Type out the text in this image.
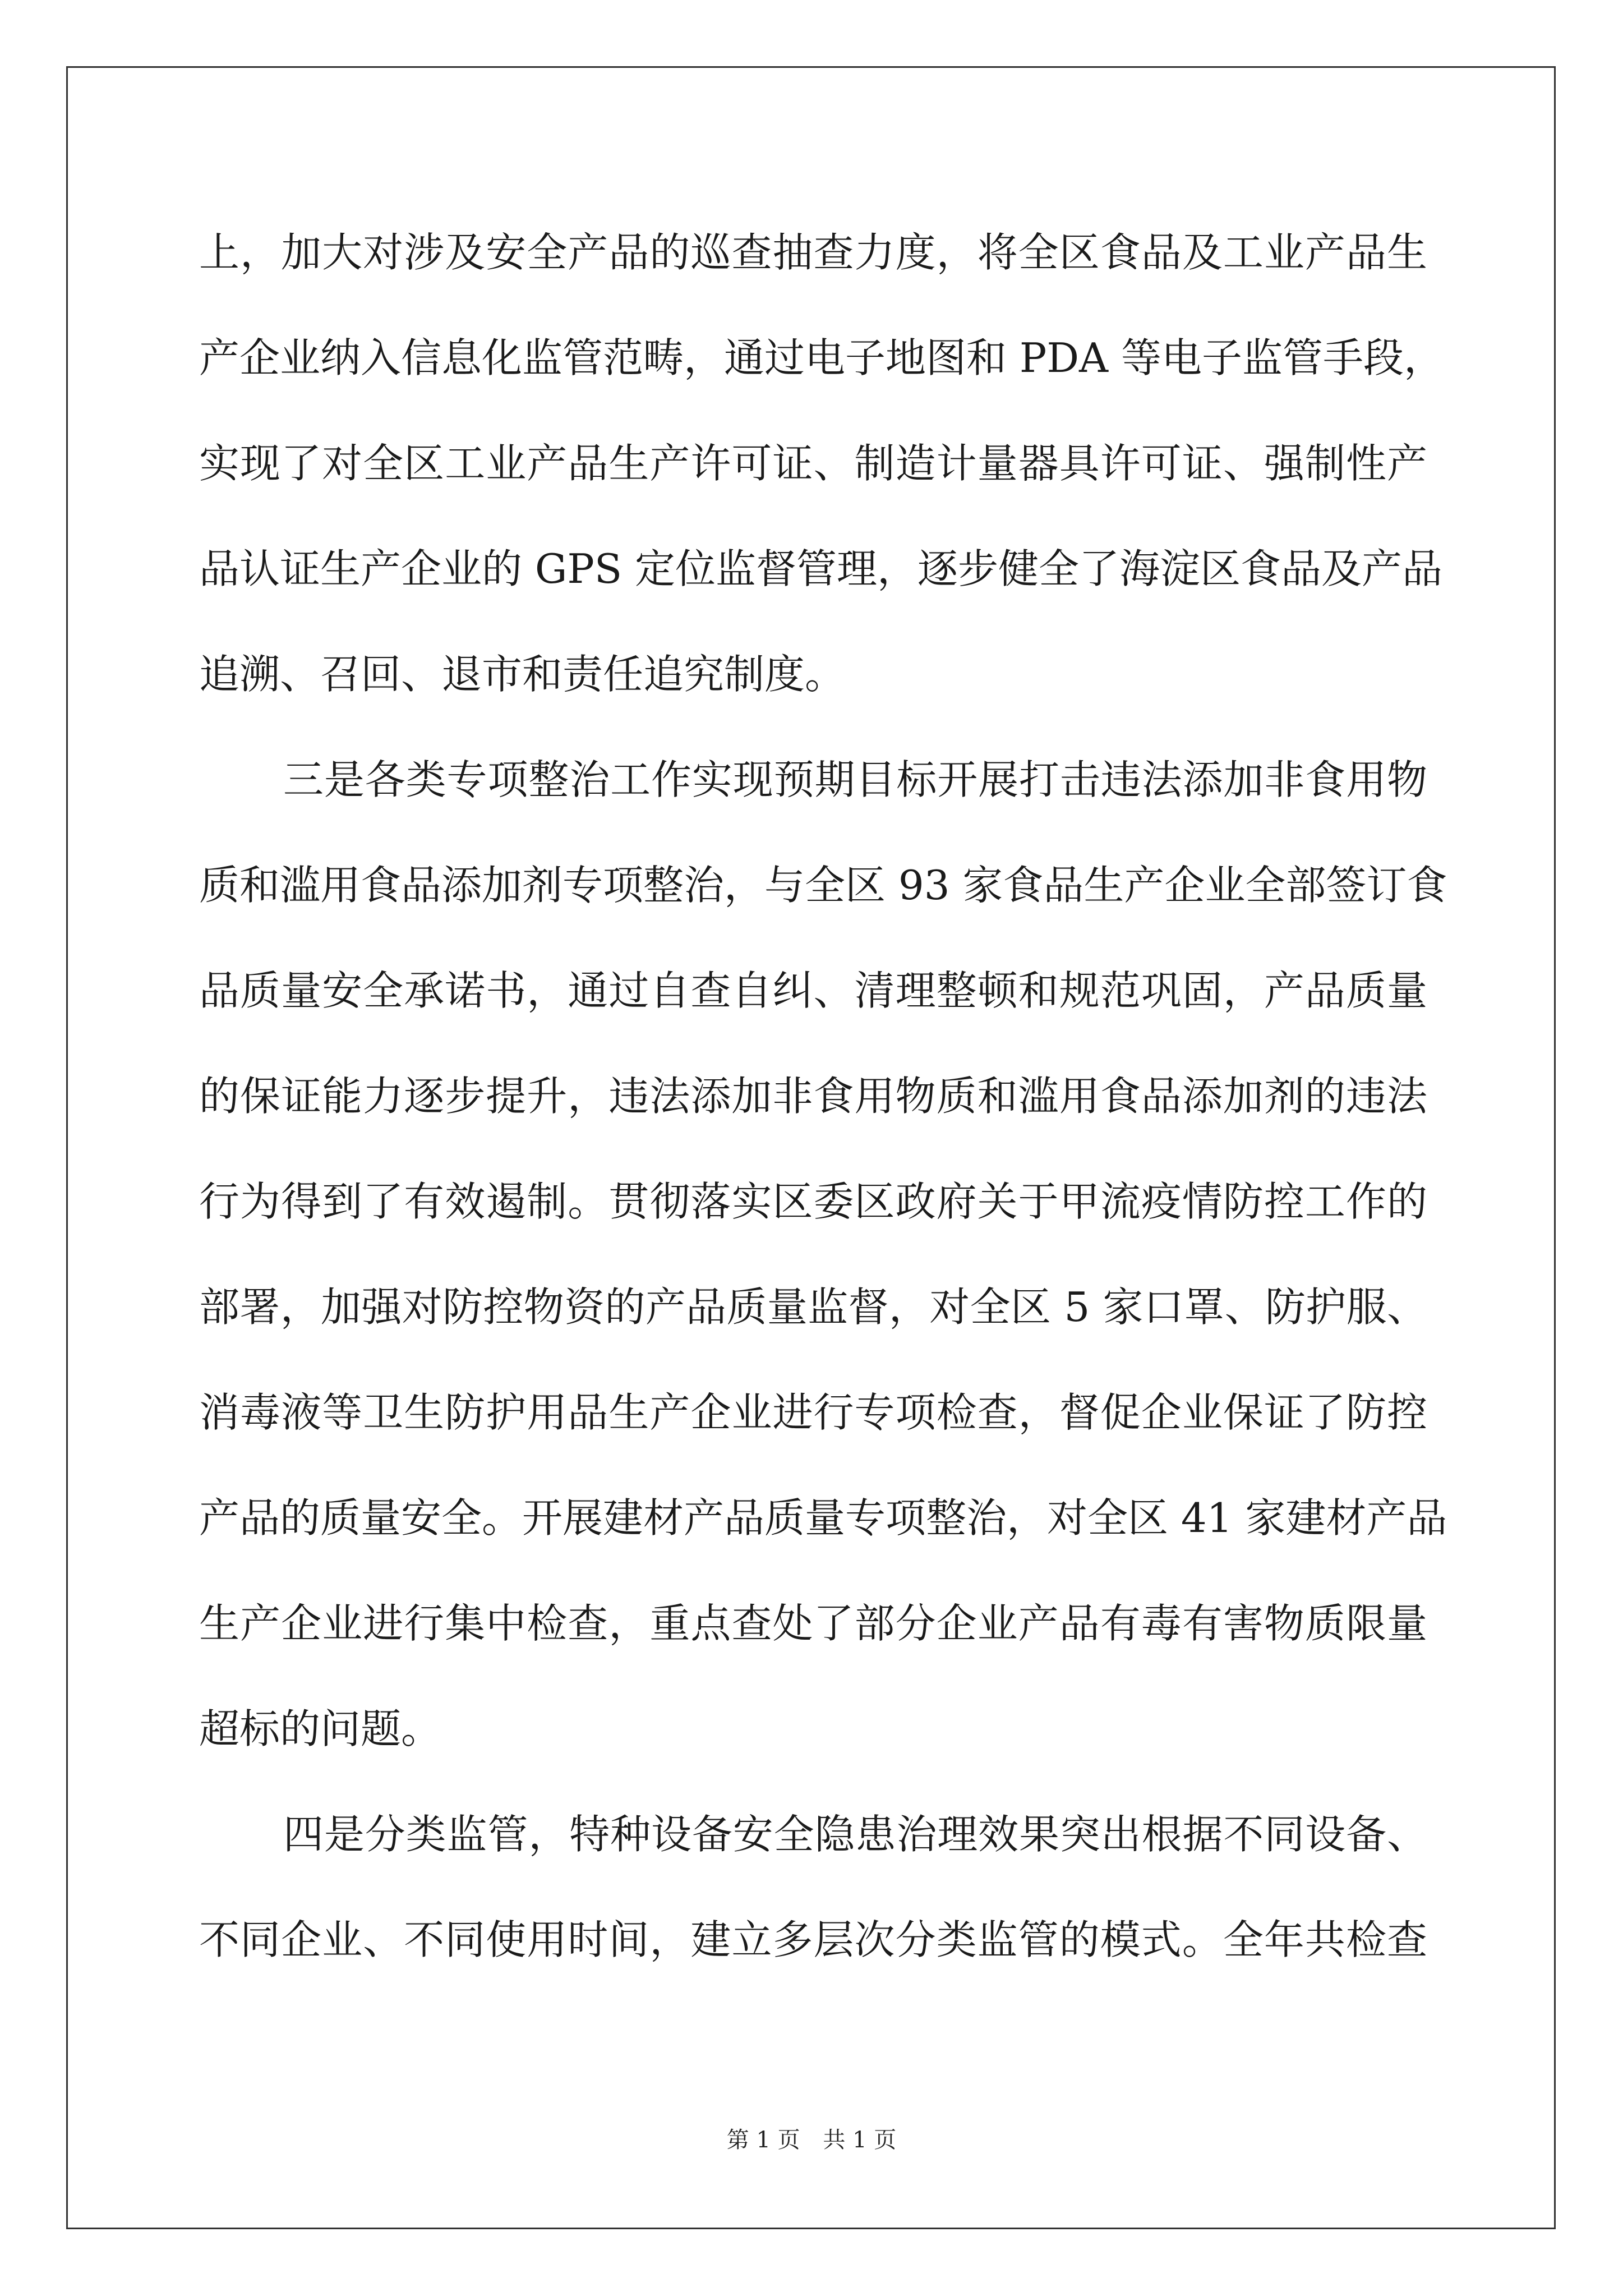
上，加大对涉及安全产品的巡查抽查力度，将全区食品及工业产品生
产企业纳入信息化监管范畴，通过电子地图和 PDA 等电子监管手段，
实现了对全区工业产品生产许可证、制造计量器具许可证、强制性产
品认证生产企业的 GPS 定位监督管理，逐步健全了海淀区食品及产品
追溯、召回、退市和责任追究制度。
三是各类专项整治工作实现预期目标开展打击违法添加非食用物
质和滥用食品添加剂专项整治，与全区 93 家食品生产企业全部签订食
品质量安全承诺书，通过自查自纠、清理整顿和规范巩固，产品质量
的保证能力逐步提升，违法添加非食用物质和滥用食品添加剂的违法
行为得到了有效遏制。贯彻落实区委区政府关于甲流疫情防控工作的
部署，加强对防控物资的产品质量监督，对全区 5 家口罩、防护服、
消毒液等卫生防护用品生产企业进行专项检查，督促企业保证了防控
产品的质量安全。开展建材产品质量专项整治，对全区 41 家建材产品
生产企业进行集中检查，重点查处了部分企业产品有毒有害物质限量
超标的问题。
四是分类监管，特种设备安全隐患治理效果突出根据不同设备、
不同企业、不同使用时间，建立多层次分类监管的模式。全年共检查
第 1 页 共 1 页
